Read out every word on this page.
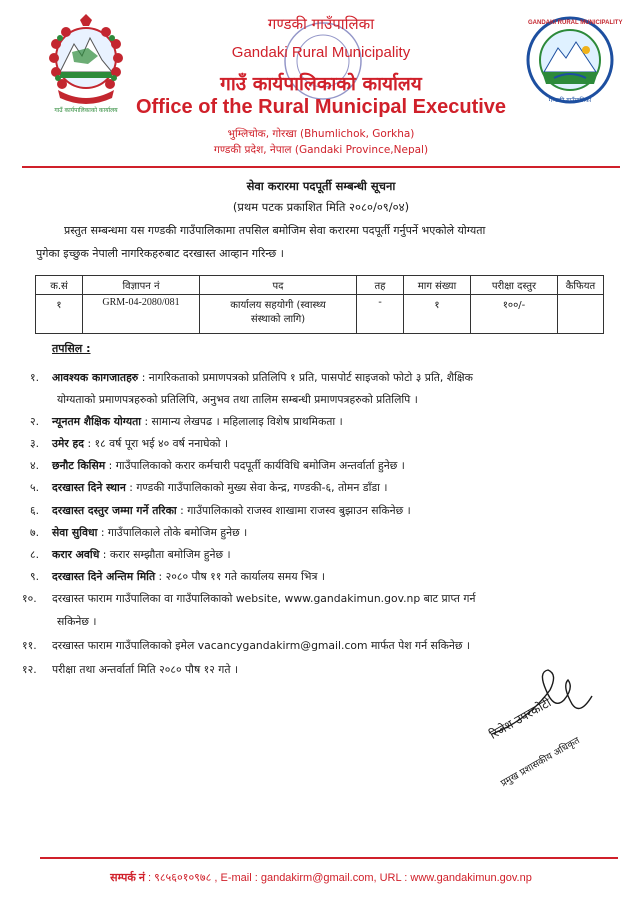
गाउँ कार्यपालिकाको कार्यालय
GANDAKI RURAL MUNICIPALITY
गण्डकी गाउँपालिका
गण्डकी गाउँपालिका
Gandaki Rural Municipality
गाउँ कार्यपालिकाको कार्यालय
Office of the Rural Municipal Executive
भुम्लिचोक, गोरखा (Bhumlichok, Gorkha)
गण्डकी प्रदेश, नेपाल (Gandaki Province,Nepal)
सेवा करारमा पदपूर्ती सम्बन्धी सूचना
(प्रथम पटक प्रकाशित मिति २०८०/०९/०४)
प्रस्तुत सम्बन्धमा यस गण्डकी गाउँपालिकामा तपसिल बमोजिम सेवा करारमा पदपूर्ती गर्नुपर्ने भएकोले योग्यता
पुगेका इच्छुक नेपाली नागरिकहरुबाट दरखास्त आव्हान गरिन्छ ।
क.सं	विज्ञापन नं	पद	तह	माग संख्या	परीक्षा दस्तुर	कैफियत
१	GRM-04-2080/081	कार्यालय सहयोगी (स्वास्थ्य
संस्थाको लागि)	-	१	१००/-	
तपसिल :
१. आवश्यक कागजातहरु : नागरिकताको प्रमाणपत्रको प्रतिलिपि १ प्रति, पासपोर्ट साइजको फोटो ३ प्रति, शैक्षिक
योग्यताको प्रमाणपत्रहरुको प्रतिलिपि, अनुभव तथा तालिम सम्बन्धी प्रमाणपत्रहरुको प्रतिलिपि ।
२. न्यूनतम शैक्षिक योग्यता : सामान्य लेखपढ । महिलालाइ विशेष प्राथमिकता ।
३. उमेर हद : १८ वर्ष पूरा भई ४० वर्ष ननाघेको ।
४. छनौट किसिम : गाउँपालिकाको करार कर्मचारी पदपूर्ती कार्यविधि बमोजिम अन्तर्वार्ता हुनेछ ।
५. दरखास्त दिने स्थान : गण्डकी गाउँपालिकाको मुख्य सेवा केन्द्र, गण्डकी-६, तोमन डाँडा ।
६. दरखास्त दस्तुर जम्मा गर्ने तरिका : गाउँपालिकाको राजस्व शाखामा राजस्व बुझाउन सकिनेछ ।
७. सेवा सुविधा : गाउँपालिकाले तोके बमोजिम हुनेछ ।
८. करार अवधि : करार सम्झौता बमोजिम हुनेछ ।
९. दरखास्त दिने अन्तिम मिति : २०८० पौष ११ गते कार्यालय समय भित्र ।
१०. दरखास्त फाराम गाउँपालिका वा गाउँपालिकाको website, www.gandakimun.gov.np बाट प्राप्त गर्न
सकिनेछ ।
११. दरखास्त फाराम गाउँपालिकाको इमेल vacancygandakirm@gmail.com मार्फत पेश गर्न सकिनेछ ।
१२. परीक्षा तथा अन्तर्वार्ता मिति २०८० पौष १२ गते ।
रिजेश उपरकोटी
प्रमुख प्रशासकीय अधिकृत
सम्पर्क नं : ९८५६०१०९७८ , E-mail : gandakirm@gmail.com, URL : www.gandakimun.gov.np
